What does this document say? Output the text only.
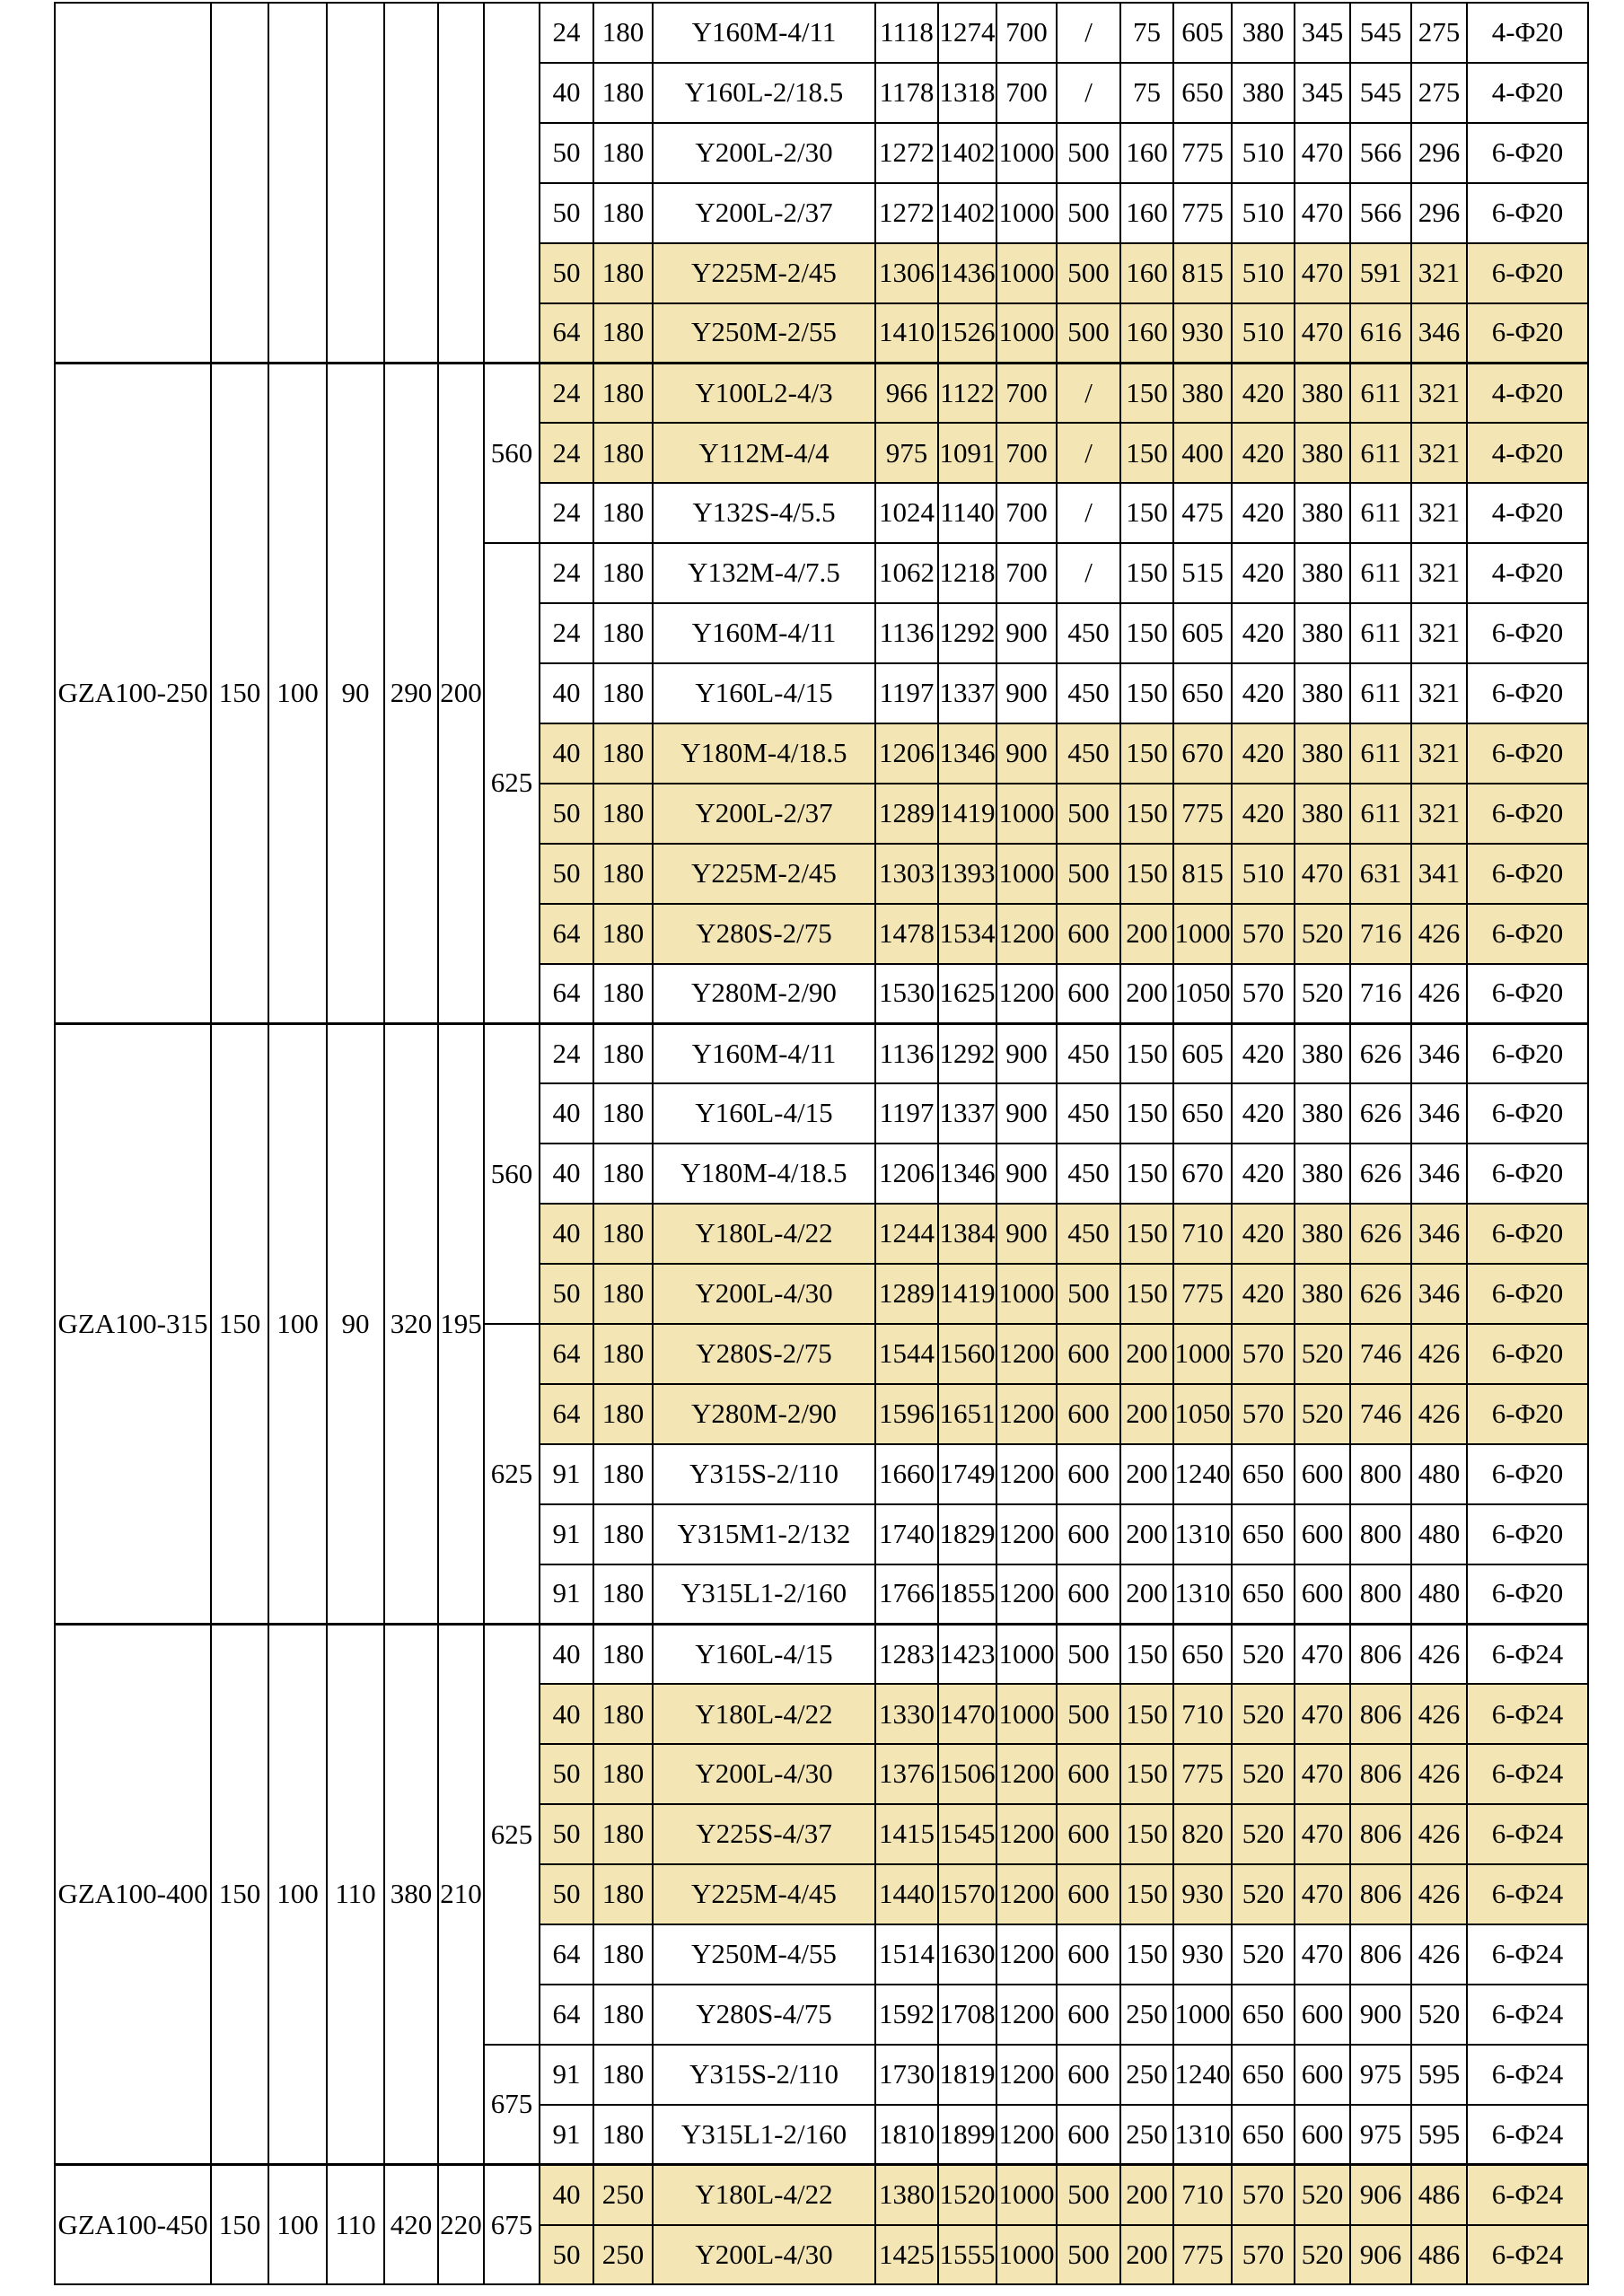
							24	180	Y160M-4/11	1118	1274	700	/	75	605	380	345	545	275	4-Φ20
							40	180	Y160L-2/18.5	1178	1318	700	/	75	650	380	345	545	275	4-Φ20
							50	180	Y200L-2/30	1272	1402	1000	500	160	775	510	470	566	296	6-Φ20
							50	180	Y200L-2/37	1272	1402	1000	500	160	775	510	470	566	296	6-Φ20
							50	180	Y225M-2/45	1306	1436	1000	500	160	815	510	470	591	321	6-Φ20
							64	180	Y250M-2/55	1410	1526	1000	500	160	930	510	470	616	346	6-Φ20
GZA100-250	150	100	90	290	200	560	24	180	Y100L2-4/3	966	1122	700	/	150	380	420	380	611	321	4-Φ20
							24	180	Y112M-4/4	975	1091	700	/	150	400	420	380	611	321	4-Φ20
							24	180	Y132S-4/5.5	1024	1140	700	/	150	475	420	380	611	321	4-Φ20
						625	24	180	Y132M-4/7.5	1062	1218	700	/	150	515	420	380	611	321	4-Φ20
							24	180	Y160M-4/11	1136	1292	900	450	150	605	420	380	611	321	6-Φ20
							40	180	Y160L-4/15	1197	1337	900	450	150	650	420	380	611	321	6-Φ20
							40	180	Y180M-4/18.5	1206	1346	900	450	150	670	420	380	611	321	6-Φ20
							50	180	Y200L-2/37	1289	1419	1000	500	150	775	420	380	611	321	6-Φ20
							50	180	Y225M-2/45	1303	1393	1000	500	150	815	510	470	631	341	6-Φ20
							64	180	Y280S-2/75	1478	1534	1200	600	200	1000	570	520	716	426	6-Φ20
							64	180	Y280M-2/90	1530	1625	1200	600	200	1050	570	520	716	426	6-Φ20
GZA100-315	150	100	90	320	195	560	24	180	Y160M-4/11	1136	1292	900	450	150	605	420	380	626	346	6-Φ20
							40	180	Y160L-4/15	1197	1337	900	450	150	650	420	380	626	346	6-Φ20
							40	180	Y180M-4/18.5	1206	1346	900	450	150	670	420	380	626	346	6-Φ20
							40	180	Y180L-4/22	1244	1384	900	450	150	710	420	380	626	346	6-Φ20
							50	180	Y200L-4/30	1289	1419	1000	500	150	775	420	380	626	346	6-Φ20
						625	64	180	Y280S-2/75	1544	1560	1200	600	200	1000	570	520	746	426	6-Φ20
							64	180	Y280M-2/90	1596	1651	1200	600	200	1050	570	520	746	426	6-Φ20
							91	180	Y315S-2/110	1660	1749	1200	600	200	1240	650	600	800	480	6-Φ20
							91	180	Y315M1-2/132	1740	1829	1200	600	200	1310	650	600	800	480	6-Φ20
							91	180	Y315L1-2/160	1766	1855	1200	600	200	1310	650	600	800	480	6-Φ20
GZA100-400	150	100	110	380	210	625	40	180	Y160L-4/15	1283	1423	1000	500	150	650	520	470	806	426	6-Φ24
							40	180	Y180L-4/22	1330	1470	1000	500	150	710	520	470	806	426	6-Φ24
							50	180	Y200L-4/30	1376	1506	1200	600	150	775	520	470	806	426	6-Φ24
							50	180	Y225S-4/37	1415	1545	1200	600	150	820	520	470	806	426	6-Φ24
							50	180	Y225M-4/45	1440	1570	1200	600	150	930	520	470	806	426	6-Φ24
							64	180	Y250M-4/55	1514	1630	1200	600	150	930	520	470	806	426	6-Φ24
							64	180	Y280S-4/75	1592	1708	1200	600	250	1000	650	600	900	520	6-Φ24
						675	91	180	Y315S-2/110	1730	1819	1200	600	250	1240	650	600	975	595	6-Φ24
							91	180	Y315L1-2/160	1810	1899	1200	600	250	1310	650	600	975	595	6-Φ24
GZA100-450	150	100	110	420	220	675	40	250	Y180L-4/22	1380	1520	1000	500	200	710	570	520	906	486	6-Φ24
							50	250	Y200L-4/30	1425	1555	1000	500	200	775	570	520	906	486	6-Φ24
